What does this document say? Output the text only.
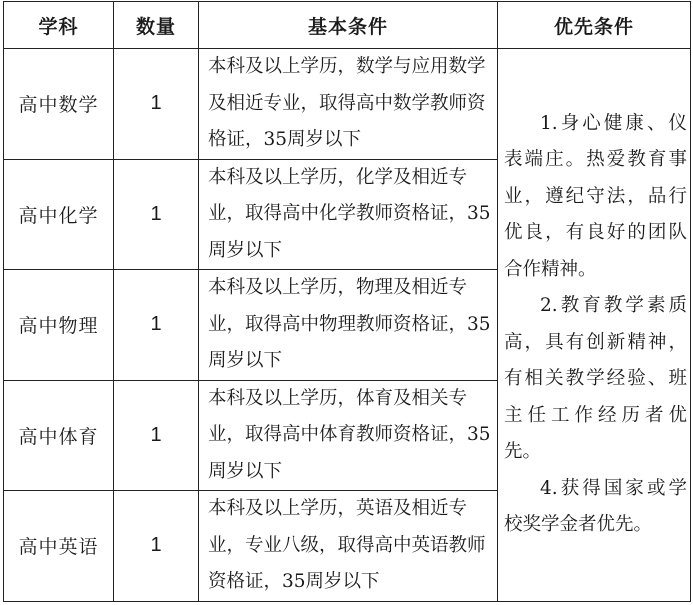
学科	数量	基本条件	优先条件
高中数学	1	本科及以上学历，数学与应用数学及相近专业，取得高中数学教师资格证，35周岁以下	1.身心健康、仪表端庄。热爱教育事业，遵纪守法，品行优良，有良好的团队合作精神。
2.教育教学素质高，具有创新精神，有相关教学经验、班主任工作经历者优先。
4.获得国家或学校奖学金者优先。

高中化学	1	本科及以上学历，化学及相近专业，取得高中化学教师资格证，35周岁以下	
高中物理	1	本科及以上学历，物理及相近专业，取得高中物理教师资格证，35周岁以下	
高中体育	1	本科及以上学历，体育及相关专业，取得高中体育教师资格证，35周岁以下	
高中英语	1	本科及以上学历，英语及相近专业，专业八级，取得高中英语教师资格证，35周岁以下	
